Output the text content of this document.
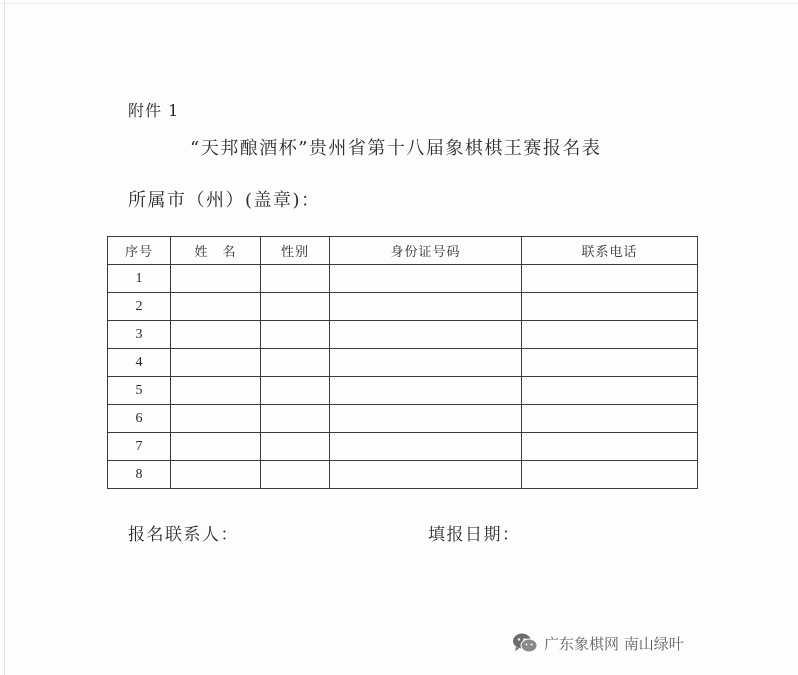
附件 1
“天邦酿酒杯”贵州省第十八届象棋棋王赛报名表
所属市（州）(盖章)：
序号	姓　名	性别	身份证号码	联系电话
1				
2				
3				
4				
5				
6				
7				
8				
报名联系人：	填报日期：
广东象棋网 南山绿叶
